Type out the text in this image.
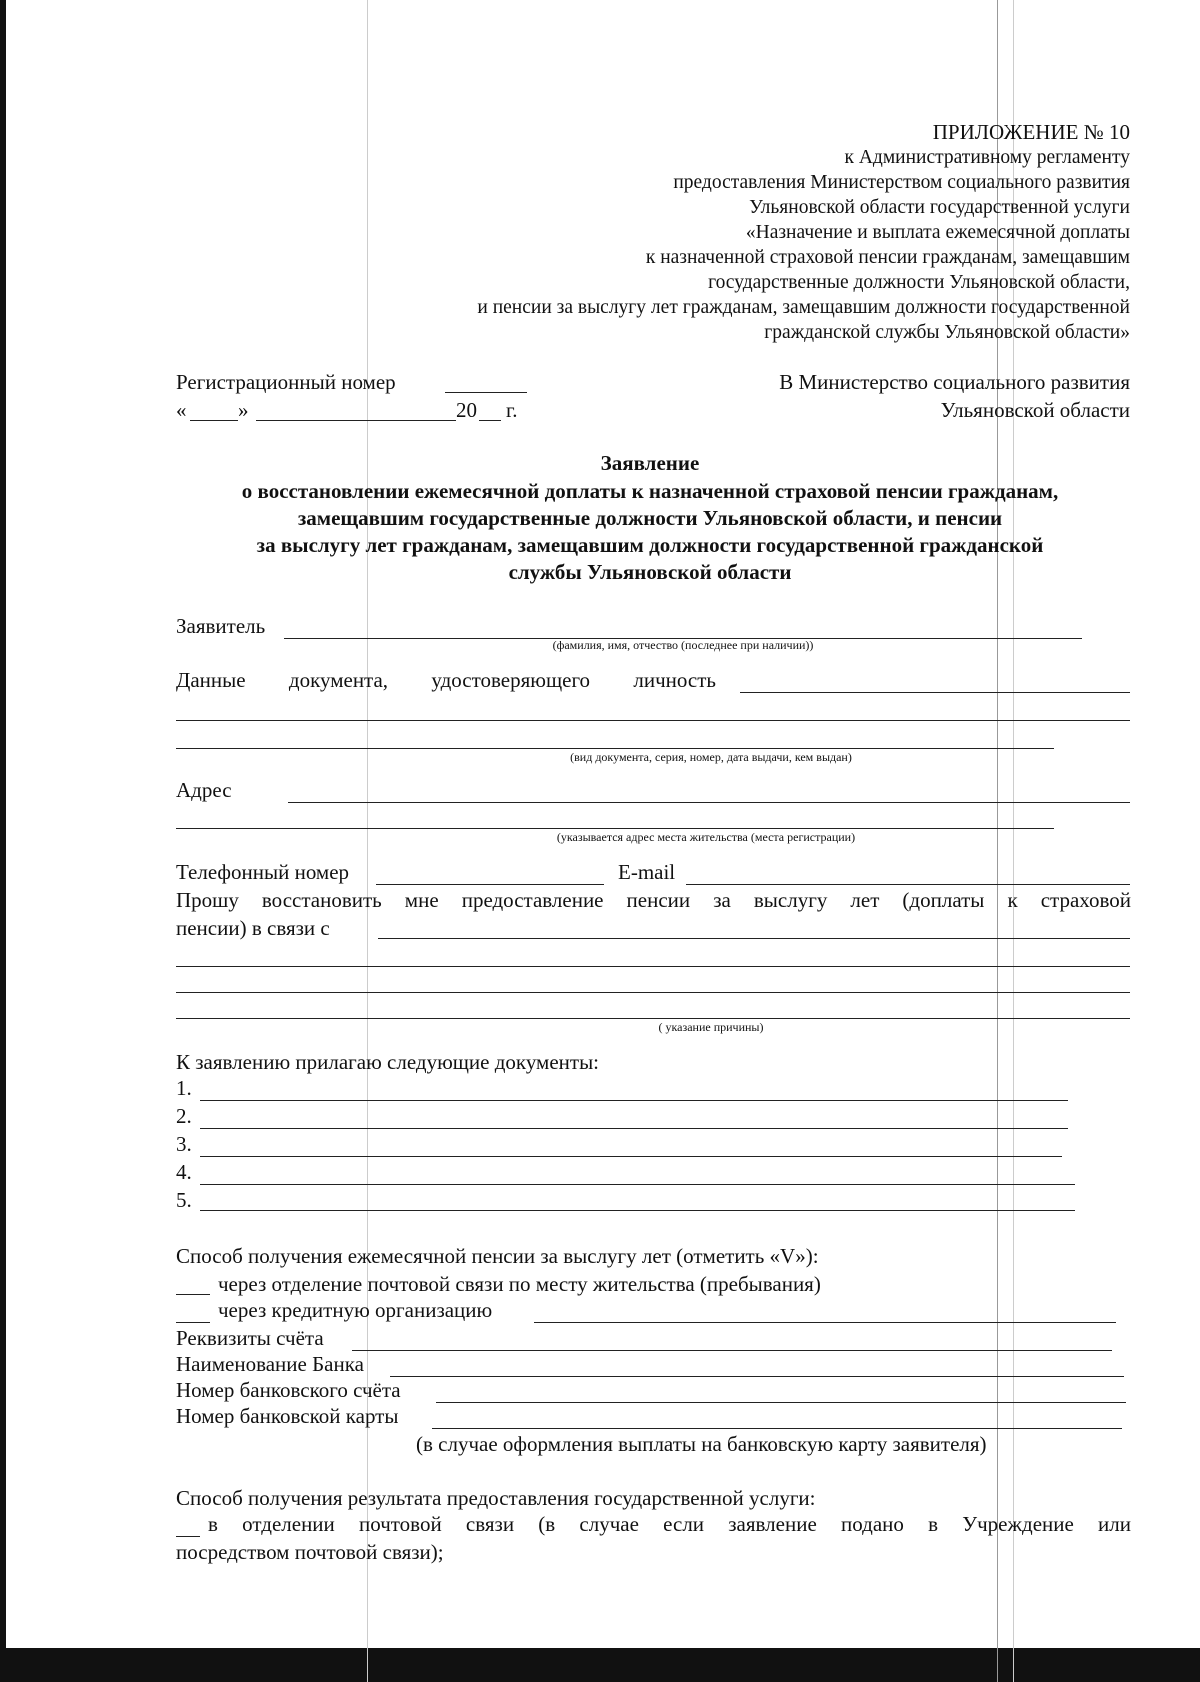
ПРИЛОЖЕНИЕ № 10
к Административному регламенту
предоставления Министерством социального развития
Ульяновской области государственной услуги
«Назначение и выплата ежемесячной доплаты
к назначенной страховой пенсии гражданам, замещавшим
государственные должности Ульяновской области,
и пенсии за выслугу лет гражданам, замещавшим должности государственной
гражданской службы Ульяновской области»
Регистрационный номер
« »	20 г.
В Министерство социального развития
Ульяновской области
Заявление
о восстановлении ежемесячной доплаты к назначенной страховой пенсии гражданам,
замещавшим государственные должности Ульяновской области, и пенсии
за выслугу лет гражданам, замещавшим должности государственной гражданской
службы Ульяновской области
Заявитель
(фамилия, имя, отчество (последнее при наличии))
Данные документа, удостоверяющего личность
(вид документа, серия, номер, дата выдачи, кем выдан)
Адрес
(указывается адрес места жительства (места регистрации)
Телефонный номер	E-mail
Прошу восстановить мне предоставление пенсии за выслугу лет (доплаты к страховой
пенсии) в связи с
( указание причины)
К заявлению прилагаю следующие документы:
1.
2.
3.
4.
5.
Способ получения ежемесячной пенсии за выслугу лет (отметить «V»):
через отделение почтовой связи по месту жительства (пребывания)
через кредитную организацию
Реквизиты счёта
Наименование Банка
Номер банковского счёта
Номер банковской карты
(в случае оформления выплаты на банковскую карту заявителя)
Способ получения результата предоставления государственной услуги:
в отделении почтовой связи (в случае если заявление подано в Учреждение или
посредством почтовой связи);
